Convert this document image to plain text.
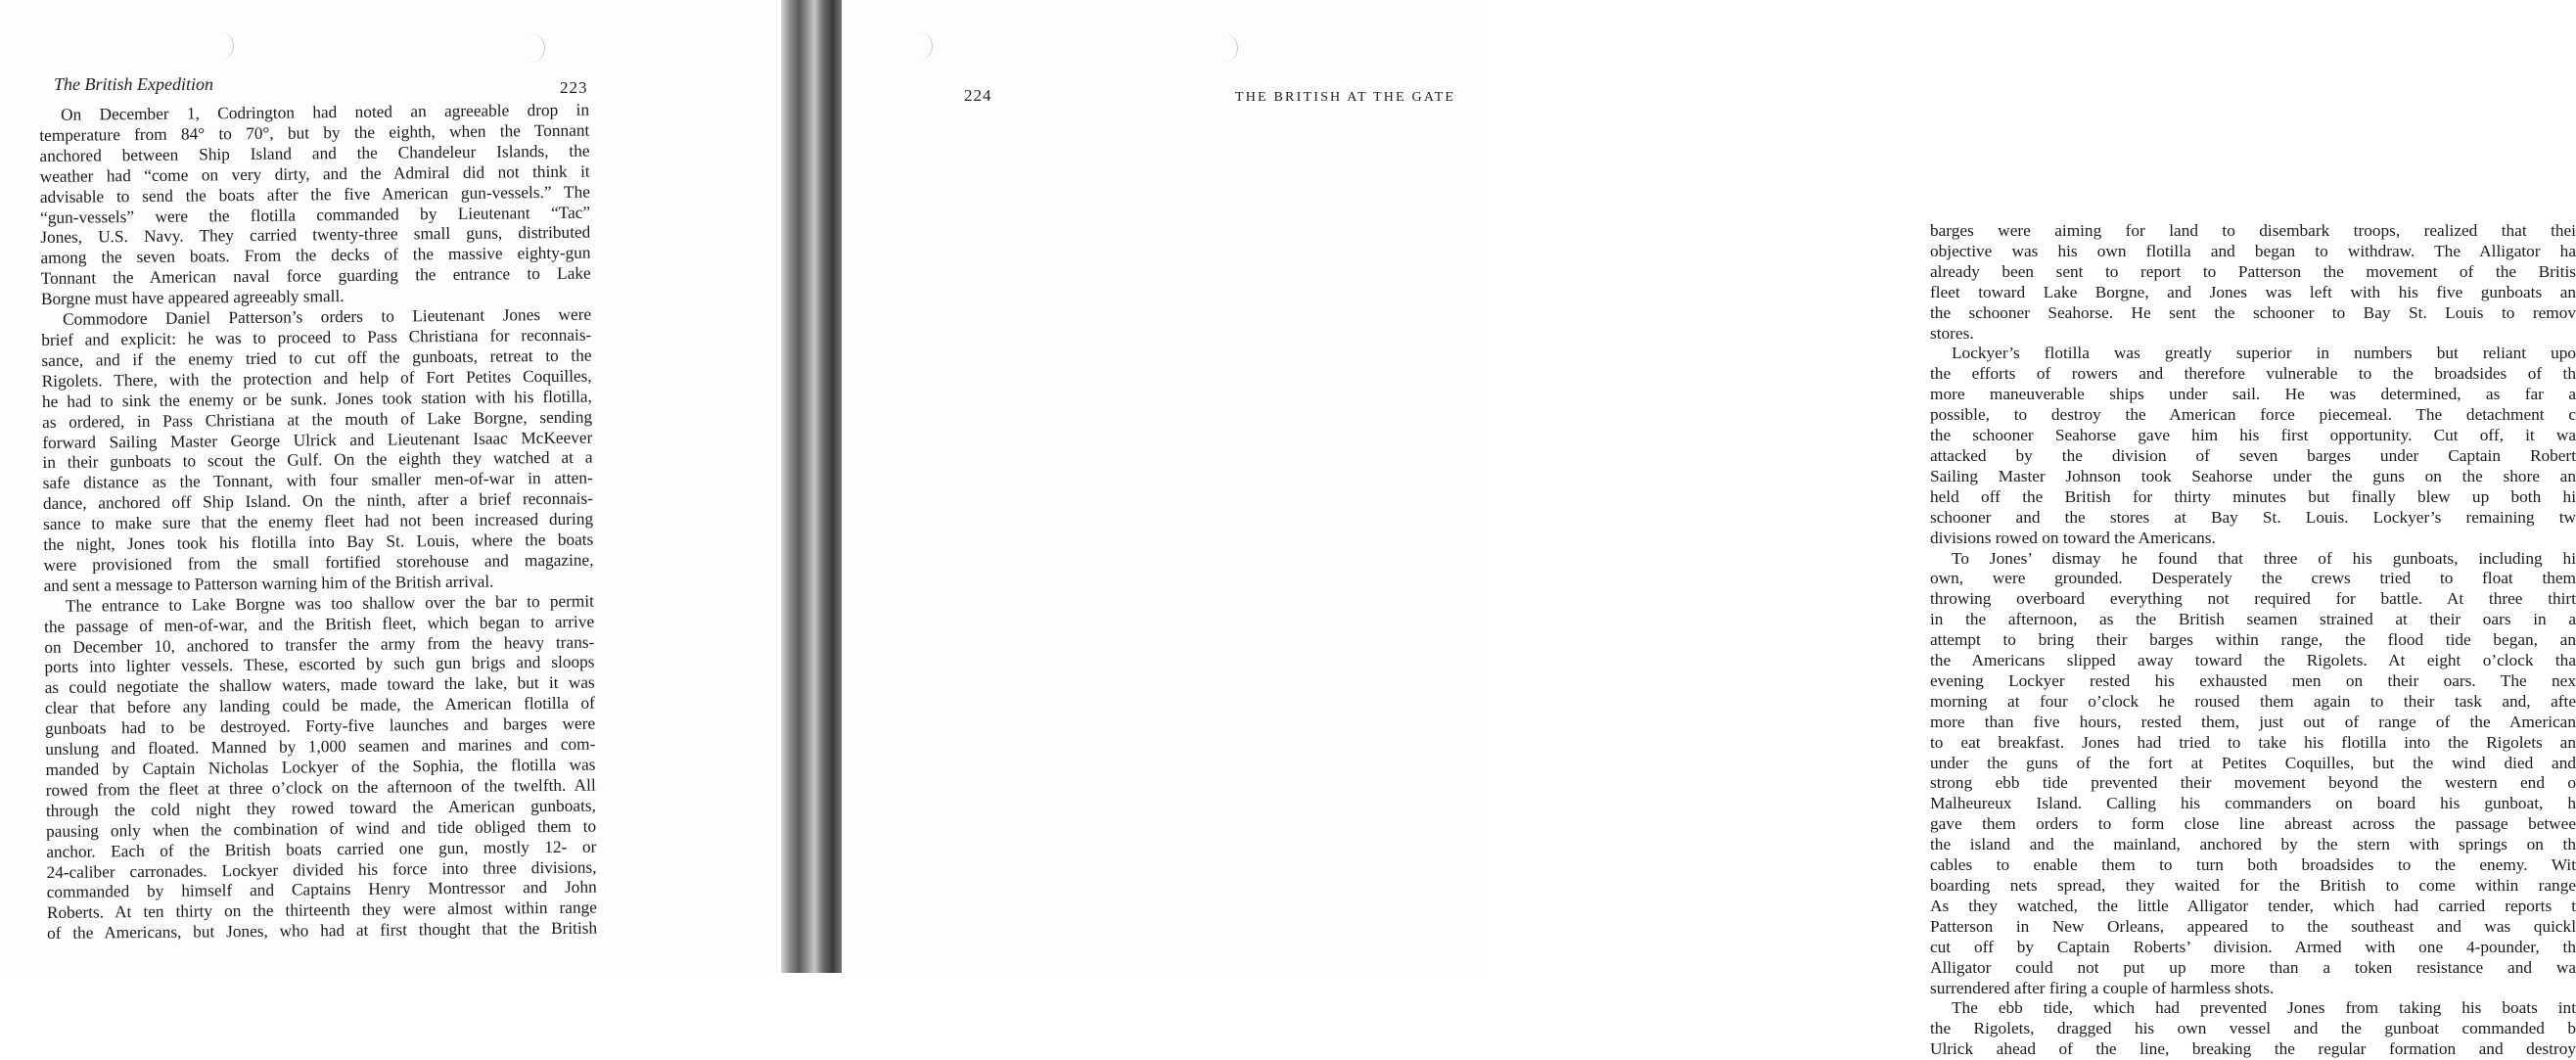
The British Expedition	223
On December 1, Codrington had noted an agreeable drop in
temperature from 84° to 70°, but by the eighth, when the Tonnant
anchored between Ship Island and the Chandeleur Islands, the
weather had “come on very dirty, and the Admiral did not think it
advisable to send the boats after the five American gun-vessels.” The
“gun-vessels” were the flotilla commanded by Lieutenant “Tac”
Jones, U.S. Navy. They carried twenty-three small guns, distributed
among the seven boats. From the decks of the massive eighty-gun
Tonnant the American naval force guarding the entrance to Lake
Borgne must have appeared agreeably small.
Commodore Daniel Patterson’s orders to Lieutenant Jones were
brief and explicit: he was to proceed to Pass Christiana for reconnais-
sance, and if the enemy tried to cut off the gunboats, retreat to the
Rigolets. There, with the protection and help of Fort Petites Coquilles,
he had to sink the enemy or be sunk. Jones took station with his flotilla,
as ordered, in Pass Christiana at the mouth of Lake Borgne, sending
forward Sailing Master George Ulrick and Lieutenant Isaac McKeever
in their gunboats to scout the Gulf. On the eighth they watched at a
safe distance as the Tonnant, with four smaller men-of-war in atten-
dance, anchored off Ship Island. On the ninth, after a brief reconnais-
sance to make sure that the enemy fleet had not been increased during
the night, Jones took his flotilla into Bay St. Louis, where the boats
were provisioned from the small fortified storehouse and magazine,
and sent a message to Patterson warning him of the British arrival.
The entrance to Lake Borgne was too shallow over the bar to permit
the passage of men-of-war, and the British fleet, which began to arrive
on December 10, anchored to transfer the army from the heavy trans-
ports into lighter vessels. These, escorted by such gun brigs and sloops
as could negotiate the shallow waters, made toward the lake, but it was
clear that before any landing could be made, the American flotilla of
gunboats had to be destroyed. Forty-five launches and barges were
unslung and floated. Manned by 1,000 seamen and marines and com-
manded by Captain Nicholas Lockyer of the Sophia, the flotilla was
rowed from the fleet at three o’clock on the afternoon of the twelfth. All
through the cold night they rowed toward the American gunboats,
pausing only when the combination of wind and tide obliged them to
anchor. Each of the British boats carried one gun, mostly 12- or
24-caliber carronades. Lockyer divided his force into three divisions,
commanded by himself and Captains Henry Montressor and John
Roberts. At ten thirty on the thirteenth they were almost within range
of the Americans, but Jones, who had at first thought that the British
224	THE BRITISH AT THE GATE
barges were aiming for land to disembark troops, realized that thei
objective was his own flotilla and began to withdraw. The Alligator ha
already been sent to report to Patterson the movement of the Britis
fleet toward Lake Borgne, and Jones was left with his five gunboats an
the schooner Seahorse. He sent the schooner to Bay St. Louis to remov
stores.
Lockyer’s flotilla was greatly superior in numbers but reliant upo
the efforts of rowers and therefore vulnerable to the broadsides of th
more maneuverable ships under sail. He was determined, as far a
possible, to destroy the American force piecemeal. The detachment c
the schooner Seahorse gave him his first opportunity. Cut off, it wa
attacked by the division of seven barges under Captain Robert
Sailing Master Johnson took Seahorse under the guns on the shore an
held off the British for thirty minutes but finally blew up both hi
schooner and the stores at Bay St. Louis. Lockyer’s remaining tw
divisions rowed on toward the Americans.
To Jones’ dismay he found that three of his gunboats, including hi
own, were grounded. Desperately the crews tried to float them
throwing overboard everything not required for battle. At three thirt
in the afternoon, as the British seamen strained at their oars in a
attempt to bring their barges within range, the flood tide began, an
the Americans slipped away toward the Rigolets. At eight o’clock tha
evening Lockyer rested his exhausted men on their oars. The nex
morning at four o’clock he roused them again to their task and, afte
more than five hours, rested them, just out of range of the American
to eat breakfast. Jones had tried to take his flotilla into the Rigolets an
under the guns of the fort at Petites Coquilles, but the wind died and
strong ebb tide prevented their movement beyond the western end o
Malheureux Island. Calling his commanders on board his gunboat, h
gave them orders to form close line abreast across the passage betwee
the island and the mainland, anchored by the stern with springs on th
cables to enable them to turn both broadsides to the enemy. Wit
boarding nets spread, they waited for the British to come within range
As they watched, the little Alligator tender, which had carried reports t
Patterson in New Orleans, appeared to the southeast and was quickl
cut off by Captain Roberts’ division. Armed with one 4-pounder, th
Alligator could not put up more than a token resistance and wa
surrendered after firing a couple of harmless shots.
The ebb tide, which had prevented Jones from taking his boats int
the Rigolets, dragged his own vessel and the gunboat commanded b
Ulrick ahead of the line, breaking the regular formation and destroy
